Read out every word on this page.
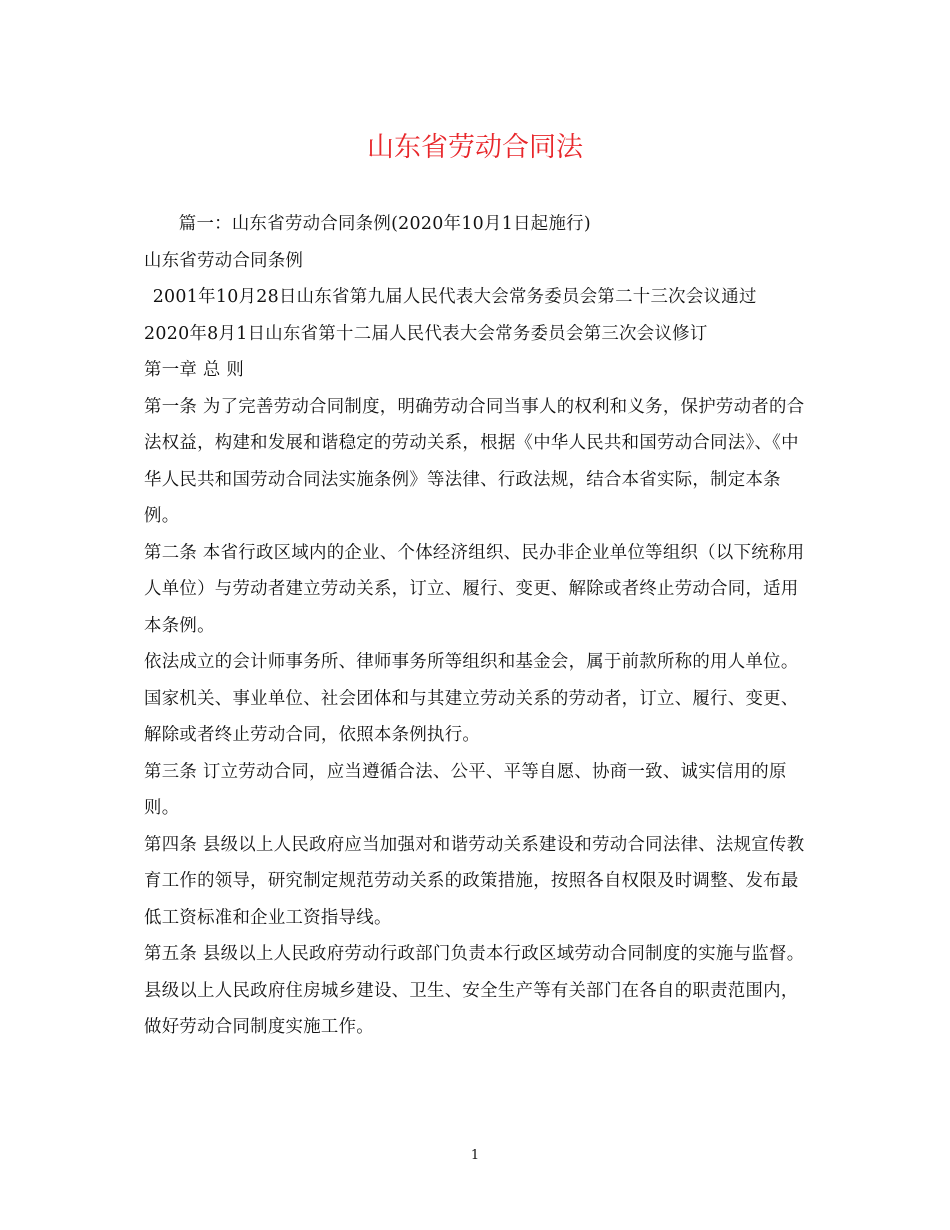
山东省劳动合同法

篇一：山东省劳动合同条例(2020年10月1日起施行)

山东省劳动合同条例

2001年10月28日山东省第九届人民代表大会常务委员会第二十三次会议通过

2020年8月1日山东省第十二届人民代表大会常务委员会第三次会议修订

第一章 总 则

第一条 为了完善劳动合同制度，明确劳动合同当事人的权利和义务，保护劳动者的合法权益，构建和发展和谐稳定的劳动关系，根据《中华人民共和国劳动合同法》、《中华人民共和国劳动合同法实施条例》等法律、行政法规，结合本省实际，制定本条例。

第二条 本省行政区域内的企业、个体经济组织、民办非企业单位等组织（以下统称用人单位）与劳动者建立劳动关系，订立、履行、变更、解除或者终止劳动合同，适用本条例。

依法成立的会计师事务所、律师事务所等组织和基金会，属于前款所称的用人单位。

国家机关、事业单位、社会团体和与其建立劳动关系的劳动者，订立、履行、变更、解除或者终止劳动合同，依照本条例执行。

第三条 订立劳动合同，应当遵循合法、公平、平等自愿、协商一致、诚实信用的原则。

第四条 县级以上人民政府应当加强对和谐劳动关系建设和劳动合同法律、法规宣传教育工作的领导，研究制定规范劳动关系的政策措施，按照各自权限及时调整、发布最低工资标准和企业工资指导线。

第五条 县级以上人民政府劳动行政部门负责本行政区域劳动合同制度的实施与监督。

县级以上人民政府住房城乡建设、卫生、安全生产等有关部门在各自的职责范围内，做好劳动合同制度实施工作。

1
